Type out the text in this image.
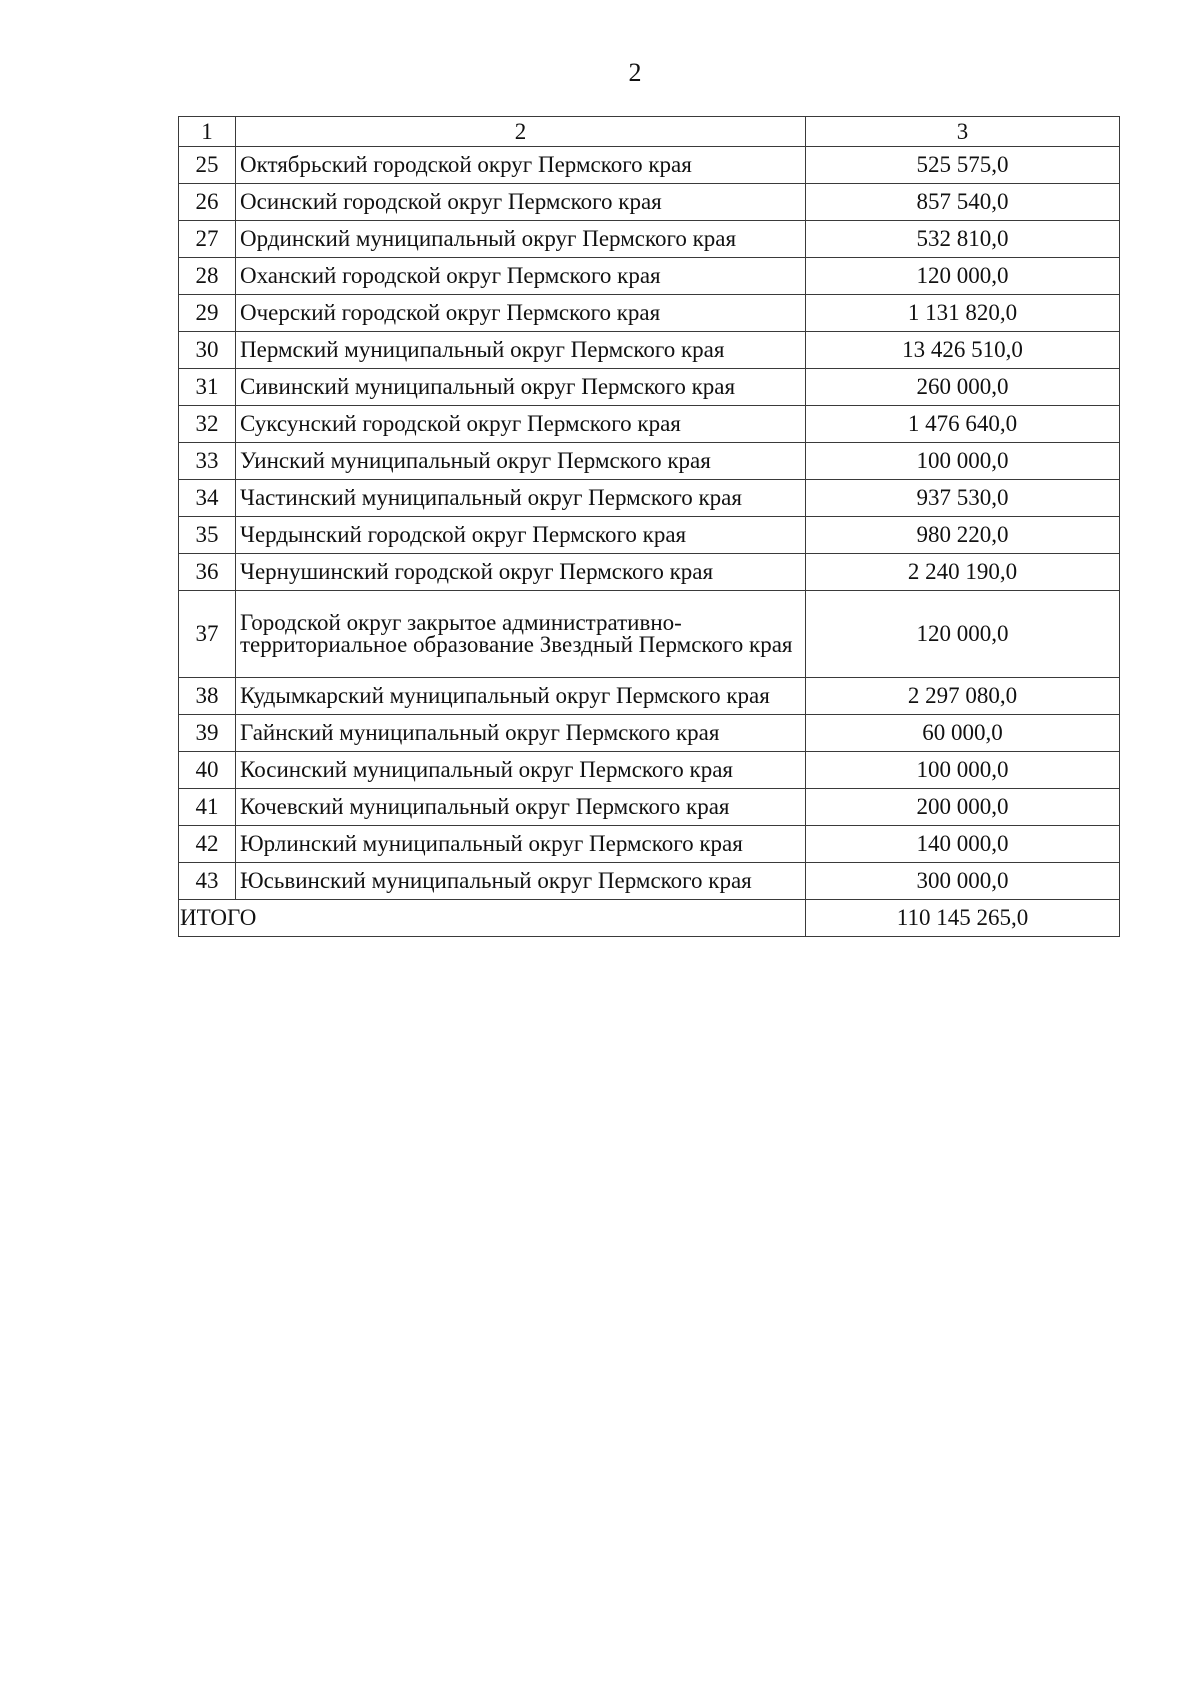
2
1	2	3
25	Октябрьский городской округ Пермского края	525 575,0
26	Осинский городской округ Пермского края	857 540,0
27	Ординский муниципальный округ Пермского края	532 810,0
28	Оханский городской округ Пермского края	120 000,0
29	Очерский городской округ Пермского края	1 131 820,0
30	Пермский муниципальный округ Пермского края	13 426 510,0
31	Сивинский муниципальный округ Пермского края	260 000,0
32	Суксунский городской округ Пермского края	1 476 640,0
33	Уинский муниципальный округ Пермского края	100 000,0
34	Частинский муниципальный округ Пермского края	937 530,0
35	Чердынский городской округ Пермского края	980 220,0
36	Чернушинский городской округ Пермского края	2 240 190,0
37	Городской округ закрытое административно-территориальное образование Звездный Пермского края	120 000,0
38	Кудымкарский муниципальный округ Пермского края	2 297 080,0
39	Гайнский муниципальный округ Пермского края	60 000,0
40	Косинский муниципальный округ Пермского края	100 000,0
41	Кочевский муниципальный округ Пермского края	200 000,0
42	Юрлинский муниципальный округ Пермского края	140 000,0
43	Юсьвинский муниципальный округ Пермского края	300 000,0
ИТОГО		110 145 265,0
